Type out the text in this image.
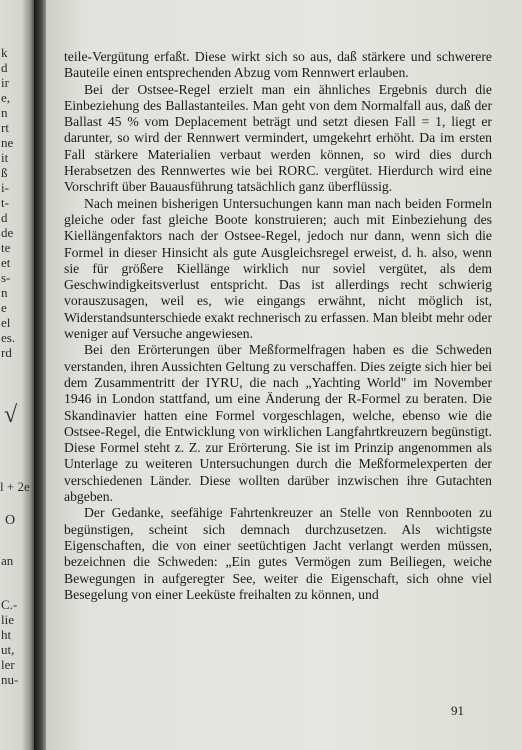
k
d
ir
e,
n
rt
ne
it
ß
i-
t-
d
de
te
et
s-
n
e
el
es.
rd
√
l + 2e
O
an
C.-
lie
ht
ut,
ler
nu-

teile-Vergütung erfaßt. Diese wirkt sich so aus, daß stärkere und schwerere Bauteile einen entsprechenden Abzug vom Rennwert erlauben.

Bei der Ostsee-Regel erzielt man ein ähnliches Ergebnis durch die Einbeziehung des Ballastanteiles. Man geht von dem Normalfall aus, daß der Ballast 45 % vom Deplacement beträgt und setzt diesen Fall = 1, liegt er darunter, so wird der Rennwert vermindert, umgekehrt erhöht. Da im ersten Fall stärkere Materialien verbaut werden können, so wird dies durch Herabsetzen des Rennwertes wie bei RORC. vergütet. Hierdurch wird eine Vorschrift über Bauausführung tatsächlich ganz überflüssig.

Nach meinen bisherigen Untersuchungen kann man nach beiden Formeln gleiche oder fast gleiche Boote konstruieren; auch mit Einbeziehung des Kiellängenfaktors nach der Ostsee-Regel, jedoch nur dann, wenn sich die Formel in dieser Hinsicht als gute Ausgleichsregel erweist, d. h. also, wenn sie für größere Kiellänge wirklich nur soviel vergütet, als dem Geschwindigkeitsverlust entspricht. Das ist allerdings recht schwierig vorauszusagen, weil es, wie eingangs erwähnt, nicht möglich ist, Widerstandsunterschiede exakt rechnerisch zu erfassen. Man bleibt mehr oder weniger auf Versuche angewiesen.

Bei den Erörterungen über Meßformelfragen haben es die Schweden verstanden, ihren Aussichten Geltung zu verschaffen. Dies zeigte sich hier bei dem Zusammentritt der IYRU, die nach „Yachting World" im November 1946 in London stattfand, um eine Änderung der R-Formel zu beraten. Die Skandinavier hatten eine Formel vorgeschlagen, welche, ebenso wie die Ostsee-Regel, die Entwicklung von wirklichen Langfahrtkreuzern begünstigt. Diese Formel steht z. Z. zur Erörterung. Sie ist im Prinzip angenommen als Unterlage zu weiteren Untersuchungen durch die Meßformelexperten der verschiedenen Länder. Diese wollten darüber inzwischen ihre Gutachten abgeben.

Der Gedanke, seefähige Fahrtenkreuzer an Stelle von Rennbooten zu begünstigen, scheint sich demnach durchzusetzen. Als wichtigste Eigenschaften, die von einer seetüchtigen Jacht verlangt werden müssen, bezeichnen die Schweden: „Ein gutes Vermögen zum Beiliegen, weiche Bewegungen in aufgeregter See, weiter die Eigenschaft, sich ohne viel Besegelung von einer Leeküste freihalten zu können, und

91
